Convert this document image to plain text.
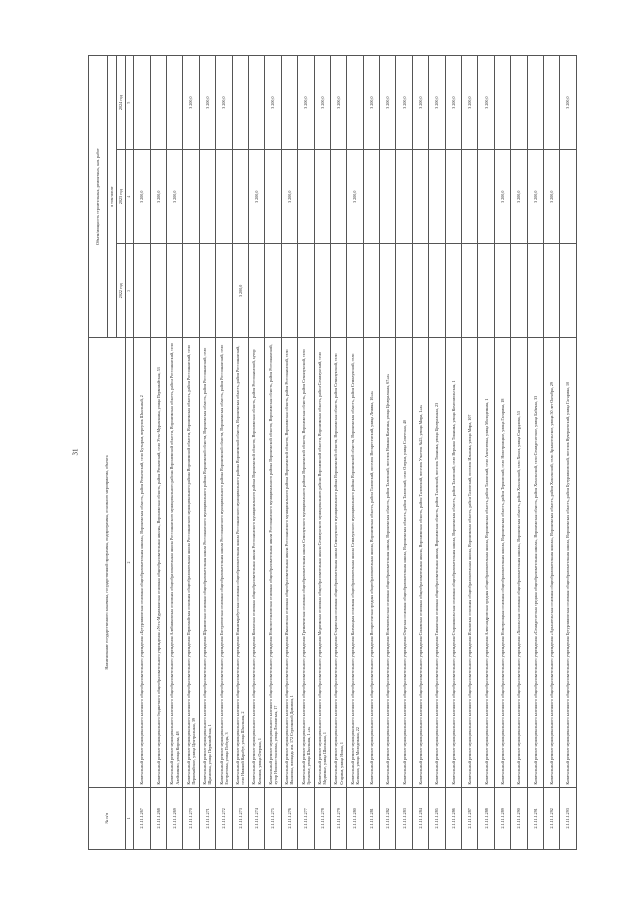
31
№ п/п	Наименование государственного заказчика, государственной программы, подпрограммы, основного мероприятия, объекта	Объем/мощность строительных, ремонтных, кап. работ		
		в том числе		
		2022 год	2023 год	2024 год
1	2	3	4	5
2.1.11.1.267	Капитальный ремонт муниципального казенного общеобразовательного учреждения «Бутурлиновская основная общеобразовательная школа», Воронежская область, район Репьевский, село Бутырки, переулок Школьный, 2		3 200,0	
2.1.11.1.268	Капитальный ремонт муниципального бюджетного общеобразовательного учреждения «Усть-Муравлянская основная общеобразовательная школа», Воронежская область, район Репьевский, село Усть-Муравлянка, улица Первомайская, 53		3 200,0	
2.1.11.1.269	Капитальный ремонт муниципального казенного общеобразовательного учреждения Алейниковская основная общеобразовательная школа Россошанского муниципального района Воронежской области, Воронежская область, район Россошанский, село Алейниково, улица Кирова, 48		3 200,0	
2.1.11.1.270	Капитальный ремонт муниципального казенного общеобразовательного учреждения Первомайская основная общеобразовательная школа Россошанского муниципального района Воронежской области, Воронежская область, район Россошанский, село Первомайское, улица Центральная, 39			3 200,0
2.1.11.1.271	Капитальный ремонт муниципального казенного общеобразовательного учреждения Шрамовская основная общеобразовательная школа Россошанского муниципального района Воронежской области, Воронежская область, район Россошанский, село Шрамовка, улица Первомайская, 1			3 200,0
2.1.11.1.272	Капитальный ремонт муниципального казенного общеобразовательного учреждения Евстратовская основная общеобразовательная школа Россошанского муниципального района Воронежской области, Воронежская область, район Россошанский, село Евстратовка, улица Победы, 3			3 200,0
2.1.11.1.273	Капитальный ремонт муниципального казенного общеобразовательного учреждения Нижнекарабутская основная общеобразовательная школа Россошанского муниципального района Воронежской области, Воронежская область, район Россошанский, село Нижний Карабут, улица Школьная, 2	3 200,0		
2.1.11.1.274	Капитальный ремонт муниципального казенного общеобразовательного учреждения Копанская основная общеобразовательная школа Россошанского муниципального района Воронежской области, Воронежская область, район Россошанский, хутор Копанки, улица Озерная, 1		3 200,0	
2.1.11.1.275	Капитальный ремонт муниципального казенного общеобразовательного учреждения Новопостояловская основная общеобразовательная школа Россошанского муниципального района Воронежской области, Воронежская область, район Россошанский, хутор Новопостояловка, улица Ленинская, 17			3 200,0
2.1.11.1.276	Капитальный ремонт муниципального казенного общеобразовательного учреждения Ивановская основная общеобразовательная школа Россошанского муниципального района Воронежской области, Воронежская область, район Россошанский, село Ивановка, площадь им. 172 Стрелковой Дивизии, 1		3 200,0	
2.1.11.1.277	Капитальный ремонт муниципального казенного общеобразовательного учреждения Гремяченская основная общеобразовательная школа Семилукского муниципального района Воронежской области, Воронежская область, район Семилукский, село Гремячье, улица Школьная, 1 «а»			3 200,0
2.1.11.1.278	Капитальный ремонт муниципального казенного общеобразовательного учреждения Медвежская основная общеобразовательная школа Семилукского муниципального района Воронежской области, Воронежская область, район Семилукский, село Медвежье, улица Школьная, 1			3 200,0
2.1.11.1.279	Капитальный ремонт муниципального казенного общеобразовательного учреждения Старикская основная общеобразовательная школа Семилукского муниципального района Воронежской области, Воронежская область, район Семилукский, село Старики, улица Новая, 1			3 200,0
2.1.11.1.280	Капитальный ремонт муниципального казенного общеобразовательного учреждения Калмыцкая основная общеобразовательная школа Семилукского муниципального района Воронежской области, Воронежская область, район Семилукский, село Калмыки, улица Молодежная, 22		3 200,0	
2.1.11.1.281	Капитальный ремонт муниципального казенного общеобразовательного учреждения Воскресенская средняя общеобразовательная школа, Воронежская область, район Таловский, поселок Воскресенский, улица Ленина, 10«а»			3 200,0
2.1.11.1.282	Капитальный ремонт муниципального казенного общеобразовательного учреждения Новочигольская основная общеобразовательная школа, Воронежская область, район Таловский, поселок Нижняя Каменка, улица Центральная, 67«а»			3 200,0
2.1.11.1.283	Капитальный ремонт муниципального казенного общеобразовательного учреждения Озерская основная общеобразовательная школа, Воронежская область, район Таловский, село Озерки, улица Советская, 40			3 200,0
2.1.11.1.284	Капитальный ремонт муниципального казенного общеобразовательного учреждения Синявская основная общеобразовательная школа, Воронежская область, район Таловский, поселок Участок №25, улица Мира, 1«а»			3 200,0
2.1.11.1.285	Капитальный ремонт муниципального казенного общеобразовательного учреждения Тишанская основная общеобразовательная школа, Воронежская область, район Таловский, поселок Тишанка, улица Центральная, 23			3 200,0
2.1.11.1.286	Капитальный ремонт муниципального казенного общеобразовательного учреждения Староникольская основная общеобразовательная школа, Воронежская область, район Таловский, село Верхняя Тишанка, улица Комсомольская, 1			3 200,0
2.1.11.1.287	Капитальный ремонт муниципального казенного общеобразовательного учреждения Ильинская основная общеобразовательная школа, Воронежская область, район Таловский, поселок Ильинка, улица Мира, 107			3 200,0
2.1.11.1.288	Капитальный ремонт муниципального казенного общеобразовательного учреждения Александровская средняя общеобразовательная школа, Воронежская область, район Таловский, село Алексеевка, улица Молодежная, 1			3 200,0
2.1.11.1.289	Капитальный ремонт муниципального казенного общеобразовательного учреждения Новотроицкая основная общеобразовательная школа, Воронежская область, район Терновский, село Новотроицкое, улица Гагарина, 18		3 200,0	
2.1.11.1.290	Капитальный ремонт муниципального казенного общеобразовательного учреждения «Хохольская основная общеобразовательная школа», Воронежская область, район Хохольский, село Хохол, улица Свердлова, 53		3 200,0	
2.1.11.1.291	Капитальный ремонт муниципального казенного общеобразовательного учреждения «Семидесятская средняя общеобразовательная школа», Воронежская область, район Хохольский, село Семидесятское, улица Бабячая, 33		3 200,0	
2.1.11.1.292	Капитальный ремонт муниципального казенного общеобразовательного учреждения «Архангельская основная общеобразовательная школа», Воронежская область, район Хохольский, село Архангельское, улица 50 лет Октября, 29		3 200,0	
2.1.11.1.293	Капитальный ремонт муниципального казенного общеобразовательного учреждения Бутурлиновская основная общеобразовательная школа, Воронежская область, район Бутурлиновский, поселок Кучеряевский, улица Гагарина, 10			3 200,0
